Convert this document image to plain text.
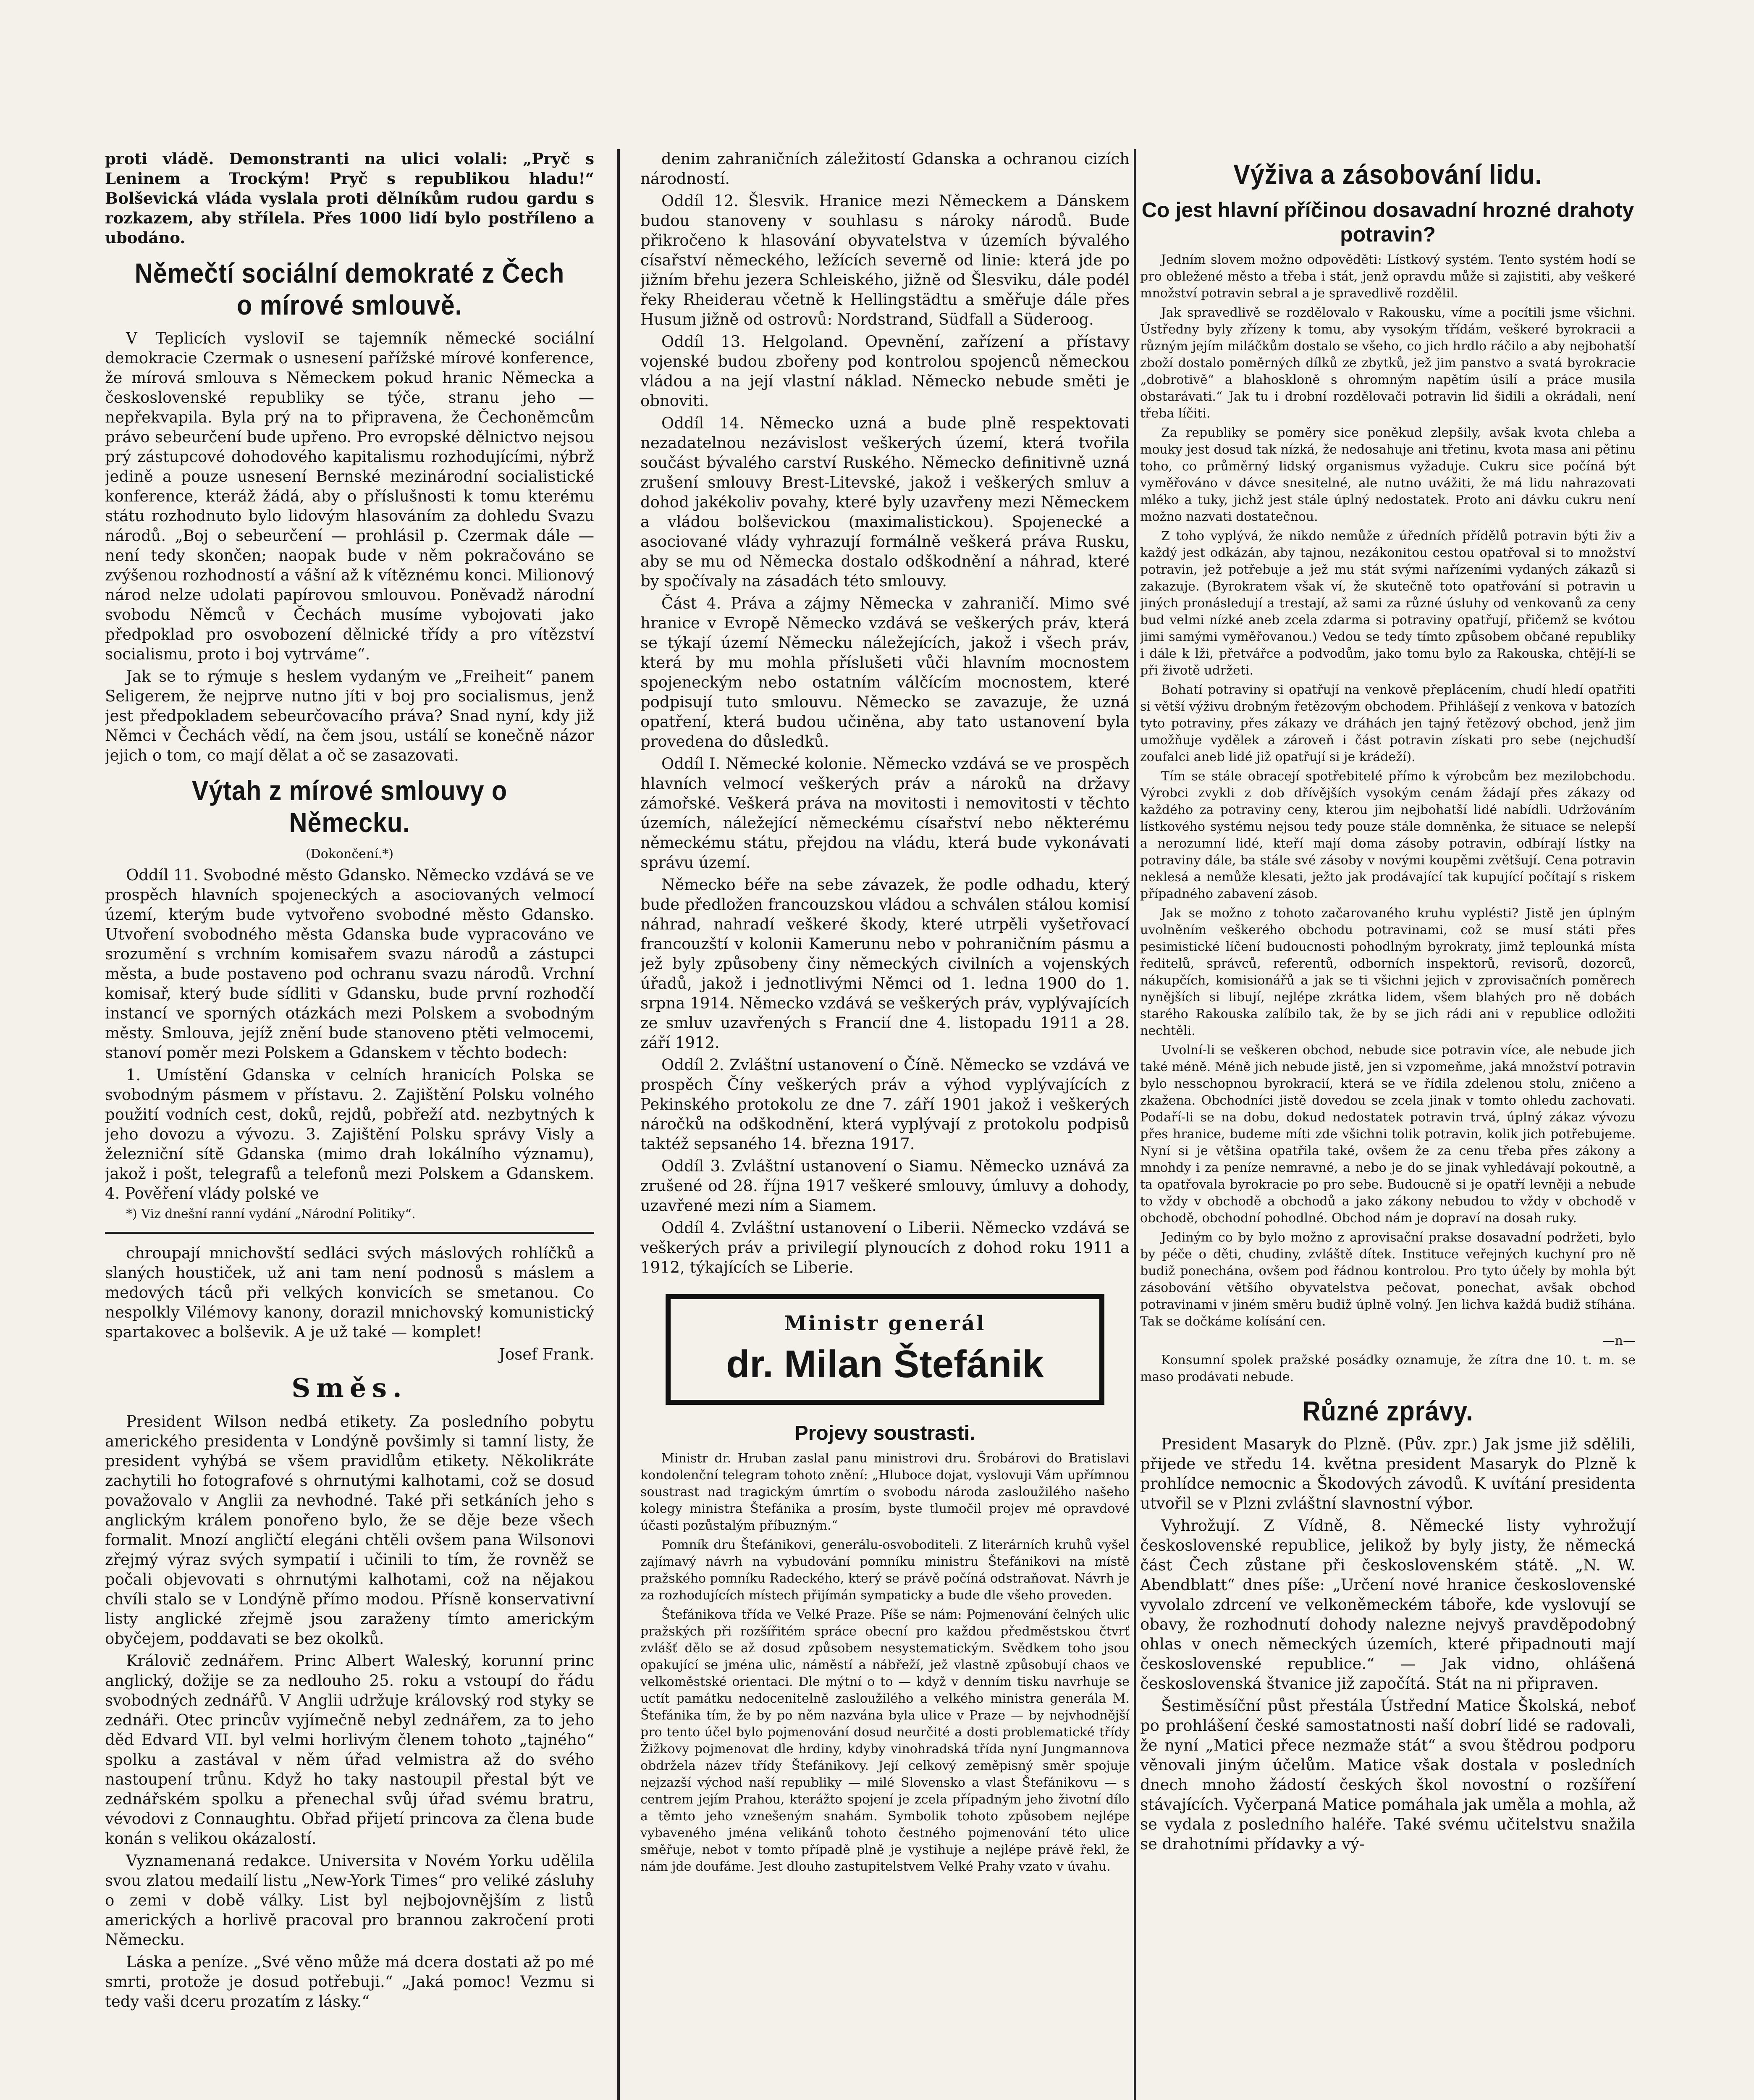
proti vládě. Demonstranti na ulici volali: „Pryč s Leninem a Trockým! Pryč s republikou hladu!“ Bolševická vláda vyslala proti dělníkům rudou gardu s rozkazem, aby střílela. Přes 1000 lidí bylo postříleno a ubodáno.

Němečtí sociální demokraté z Čech o mírové smlouvě.

V Teplicích vysloviI se tajemník německé sociální demokracie Czermak o usnesení pařížské mírové konference, že mírová smlouva s Německem pokud hranic Německa a československé republiky se týče, stranu jeho — nepřekvapila. Byla prý na to připravena, že Čechoněmcům právo sebeurčení bude upřeno. Pro evropské dělnictvo nejsou prý zástupcové dohodového kapitalismu rozhodujícími, nýbrž jedině a pouze usnesení Bernské mezinárodní socialistické konference, kteráž žádá, aby o příslušnosti k tomu kterému státu rozhodnuto bylo lidovým hlasováním za dohledu Svazu národů. „Boj o sebeurčení — prohlásil p. Czermak dále — není tedy skončen; naopak bude v něm pokračováno se zvýšenou rozhodností a vášní až k vítěznému konci. Milionový národ nelze udolati papírovou smlouvou. Poněvadž národní svobodu Němců v Čechách musíme vybojovati jako předpoklad pro osvobození dělnické třídy a pro vítězství socialismu, proto i boj vytrváme“.

Jak se to rýmuje s heslem vydaným ve „Freiheit“ panem Seligerem, že nejprve nutno jíti v boj pro socialismus, jenž jest předpokladem sebeurčovacího práva? Snad nyní, kdy již Němci v Čechách vědí, na čem jsou, ustálí se konečně názor jejich o tom, co mají dělat a oč se zasazovati.

Výtah z mírové smlouvy o Německu.

(Dokončení.*)

Oddíl 11. Svobodné město Gdansko. Německo vzdává se ve prospěch hlavních spojeneckých a asociovaných velmocí území, kterým bude vytvořeno svobodné město Gdansko. Utvoření svobodného města Gdanska bude vypracováno ve srozumění s vrchním komisařem svazu národů a zástupci města, a bude postaveno pod ochranu svazu národů. Vrchní komisař, který bude sídliti v Gdansku, bude první rozhodčí instancí ve sporných otázkách mezi Polskem a svobodným městy. Smlouva, jejíž znění bude stanoveno ptěti velmocemi, stanoví poměr mezi Polskem a Gdanskem v těchto bodech:

1. Umístění Gdanska v celních hranicích Polska se svobodným pásmem v přístavu. 2. Zajištění Polsku volného použití vodních cest, doků, rejdů, pobřeží atd. nezbytných k jeho dovozu a vývozu. 3. Zajištění Polsku správy Visly a železniční sítě Gdanska (mimo drah lokálního významu), jakož i pošt, telegrafů a telefonů mezi Polskem a Gdanskem. 4. Pověření vlády polské ve

*) Viz dnešní ranní vydání „Národní Politiky“.

chroupají mnichovští sedláci svých máslových rohlíčků a slaných houstiček, už ani tam není podnosů s máslem a medových táců při velkých konvicích se smetanou. Co nespolkly Vilémovy kanony, dorazil mnichovský komunistický spartakovec a bolševik. A je už také — komplet!

Josef Frank.

Směs.

President Wilson nedbá etikety. Za posledního pobytu amerického presidenta v Londýně povšimly si tamní listy, že president vyhýbá se všem pravidlům etikety. Několikráte zachytili ho fotografové s ohrnutými kalhotami, což se dosud považovalo v Anglii za nevhodné. Také při setkáních jeho s anglickým králem ponořeno bylo, že se děje beze všech formalit. Mnozí angličtí elegáni chtěli ovšem pana Wilsonovi zřejmý výraz svých sympatií i učinili to tím, že rovněž se počali objevovati s ohrnutými kalhotami, což na nějakou chvíli stalo se v Londýně přímo modou. Přísně konservativní listy anglické zřejmě jsou zaraženy tímto americkým obyčejem, poddavati se bez okolků.

Královič zednářem. Princ Albert Waleský, korunní princ anglický, dožije se za nedlouho 25. roku a vstoupí do řádu svobodných zednářů. V Anglii udržuje královský rod styky se zednáři. Otec princův vyjímečně nebyl zednářem, za to jeho děd Edvard VII. byl velmi horlivým členem tohoto „tajného“ spolku a zastával v něm úřad velmistra až do svého nastoupení trůnu. Když ho taky nastoupil přestal být ve zednářském spolku a přenechal svůj úřad svému bratru, vévodovi z Connaughtu. Obřad přijetí princova za člena bude konán s velikou okázalostí.

Vyznamenaná redakce. Universita v Novém Yorku udělila svou zlatou medailí listu „New-York Times“ pro veliké zásluhy o zemi v době války. List byl nejbojovnějším z listů amerických a horlivě pracoval pro brannou zakročení proti Německu.

Láska a peníze. „Své věno může má dcera dostati až po mé smrti, protože je dosud potřebuji.“ „Jaká pomoc! Vezmu si tedy vaši dceru prozatím z lásky.“

denim zahraničních záležitostí Gdanska a ochranou cizích národností.

Oddíl 12. Šlesvik. Hranice mezi Německem a Dánskem budou stanoveny v souhlasu s nároky národů. Bude přikročeno k hlasování obyvatelstva v územích bývalého císařství německého, ležících severně od linie: která jde po jižním břehu jezera Schleiského, jižně od Šlesviku, dále podél řeky Rheiderau včetně k Hellingstädtu a směřuje dále přes Husum jižně od ostrovů: Nordstrand, Südfall a Süderoog.

Oddíl 13. Helgoland. Opevnění, zařízení a přístavy vojenské budou zbořeny pod kontrolou spojenců německou vládou a na její vlastní náklad. Německo nebude směti je obnoviti.

Oddíl 14. Německo uzná a bude plně respektovati nezadatelnou nezávislost veškerých území, která tvořila součást bývalého carství Ruského. Německo definitivně uzná zrušení smlouvy Brest-Litevské, jakož i veškerých smluv a dohod jakékoliv povahy, které byly uzavřeny mezi Německem a vládou bolševickou (maximalistickou). Spojenecké a asociované vlády vyhrazují formálně veškerá práva Rusku, aby se mu od Německa dostalo odškodnění a náhrad, které by spočívaly na zásadách této smlouvy.

Část 4. Práva a zájmy Německa v zahraničí. Mimo své hranice v Evropě Německo vzdává se veškerých práv, která se týkají území Německu náležejících, jakož i všech práv, která by mu mohla příslušeti vůči hlavním mocnostem spojeneckým nebo ostatním válčícím mocnostem, které podpisují tuto smlouvu. Německo se zavazuje, že uzná opatření, která budou učiněna, aby tato ustanovení byla provedena do důsledků.

Oddíl I. Německé kolonie. Německo vzdává se ve prospěch hlavních velmocí veškerých práv a nároků na državy zámořské. Veškerá práva na movitosti i nemovitosti v těchto územích, náležející německému císařství nebo některému německému státu, přejdou na vládu, která bude vykonávati správu území.

Německo béře na sebe závazek, že podle odhadu, který bude předložen francouzskou vládou a schválen stálou komisí náhrad, nahradí veškeré škody, které utrpěli vyšetřovací francouzští v kolonii Kamerunu nebo v pohraničním pásmu a jež byly způsobeny činy německých civilních a vojenských úřadů, jakož i jednotlivými Němci od 1. ledna 1900 do 1. srpna 1914. Německo vzdává se veškerých práv, vyplývajících ze smluv uzavřených s Francií dne 4. listopadu 1911 a 28. září 1912.

Oddíl 2. Zvláštní ustanovení o Číně. Německo se vzdává ve prospěch Číny veškerých práv a výhod vyplývajících z Pekinského protokolu ze dne 7. září 1901 jakož i veškerých náročků na odškodnění, která vyplývají z protokolu podpisů taktéž sepsaného 14. března 1917.

Oddíl 3. Zvláštní ustanovení o Siamu. Německo uznává za zrušené od 28. října 1917 veškeré smlouvy, úmluvy a dohody, uzavřené mezi ním a Siamem.

Oddíl 4. Zvláštní ustanovení o Liberii. Německo vzdává se veškerých práv a privilegií plynoucích z dohod roku 1911 a 1912, týkajících se Liberie.

Ministr generál
dr. Milan Štefánik
Projevy soustrasti.

Ministr dr. Hruban zaslal panu ministrovi dru. Šrobárovi do Bratislavi kondolenční telegram tohoto znění: „Hluboce dojat, vyslovuji Vám upřímnou soustrast nad tragickým úmrtím o svobodu národa zasloužilého našeho kolegy ministra Štefánika a prosím, byste tlumočil projev mé opravdové účasti pozůstalým příbuzným.“

Pomník dru Štefánikovi, generálu-osvoboditeli. Z literárních kruhů vyšel zajímavý návrh na vybudování pomníku ministru Štefánikovi na místě pražského pomníku Radeckého, který se právě počíná odstraňovat. Návrh je za rozhodujících místech přijímán sympaticky a bude dle všeho proveden.

Štefánikova třída ve Velké Praze. Píše se nám: Pojmenování čelných ulic pražských při rozšířitém spráce obecní pro každou předměstskou čtvrť zvlášť dělo se až dosud způsobem nesystematickým. Svědkem toho jsou opakující se jména ulic, náměstí a nábřeží, jež vlastně způsobují chaos ve velkoměstské orientaci. Dle mýtní o to — když v denním tisku navrhuje se uctít památku nedocenitelně zasloužilého a velkého ministra generála M. Štefánika tím, že by po něm nazvána byla ulice v Praze — by nejvhodnější pro tento účel bylo pojmenování dosud neurčité a dosti problematické třídy Žižkovy pojmenovat dle hrdiny, kdyby vinohradská třída nyní Jungmannova obdržela název třídy Štefánikovy. Její celkový zeměpisný směr spojuje nejzazší východ naší republiky — milé Slovensko a vlast Štefánikovu — s centrem jejím Prahou, kterážto spojení je zcela případným jeho životní dílo a těmto jeho vznešeným snahám. Symbolik tohoto způsobem nejlépe vybaveného jména velikánů tohoto čestného pojmenování této ulice směřuje, nebot v tomto případě plně je vystihuje a nejlépe právě řekl, že nám jde doufáme. Jest dlouho zastupitelstvem Velké Prahy vzato v úvahu.

Výživa a zásobování lidu.
Co jest hlavní příčinou dosavadní hrozné drahoty potravin?

Jedním slovem možno odpověděti: Lístkový systém. Tento systém hodí se pro obležené město a třeba i stát, jenž opravdu může si zajistiti, aby veškeré množství potravin sebral a je spravedlivě rozdělil.

Jak spravedlivě se rozdělovalo v Rakousku, víme a pocítili jsme všichni. Ústředny byly zřízeny k tomu, aby vysokým třídám, veškeré byrokracii a různým jejím miláčkům dostalo se všeho, co jich hrdlo ráčilo a aby nejbohatší zboží dostalo poměrných dílků ze zbytků, jež jim panstvo a svatá byrokracie „dobrotivě“ a blahoskloně s ohromným napětím úsilí a práce musila obstarávati.“ Jak tu i drobní rozdělovači potravin lid šidili a okrádali, není třeba líčiti.

Za republiky se poměry sice poněkud zlepšily, avšak kvota chleba a mouky jest dosud tak nízká, že nedosahuje ani třetinu, kvota masa ani pětinu toho, co průměrný lidský organismus vyžaduje. Cukru sice počíná být vyměřováno v dávce snesitelné, ale nutno uvážiti, že má lidu nahrazovati mléko a tuky, jichž jest stále úplný nedostatek. Proto ani dávku cukru není možno nazvati dostatečnou.

Z toho vyplývá, že nikdo nemůže z úředních přídělů potravin býti živ a každý jest odkázán, aby tajnou, nezákonitou cestou opatřoval si to množství potravin, jež potřebuje a jež mu stát svými nařízeními vydaných zákazů si zakazuje. (Byrokratem však ví, že skutečně toto opatřování si potravin u jiných pronásledují a trestají, až sami za různé úsluhy od venkovanů za ceny bud velmi nízké aneb zcela zdarma si potraviny opatřují, přičemž se kvótou jimi samými vyměřovanou.) Vedou se tedy tímto způsobem občané republiky i dále k lži, přetvářce a podvodům, jako tomu bylo za Rakouska, chtějí-li se při životě udržeti.

Bohatí potraviny si opatřují na venkově přeplácením, chudí hledí opatřiti si větší výživu drobným řetězovým obchodem. Přihlášejí z venkova v batozích tyto potraviny, přes zákazy ve dráhách jen tajný řetězový obchod, jenž jim umožňuje vydělek a zároveň i část potravin získati pro sebe (nejchudší zoufalci aneb lidé již opatřují si je krádeží).

Tím se stále obracejí spotřebitelé přímo k výrobcům bez mezilobchodu. Výrobci zvykli z dob dřívějších vysokým cenám žádají přes zákazy od každého za potraviny ceny, kterou jim nejbohatší lidé nabídli. Udržováním lístkového systému nejsou tedy pouze stále domněnka, že situace se nelepší a nerozumní lidé, kteří mají doma zásoby potravin, odbírají lístky na potraviny dále, ba stále své zásoby v novými koupěmi zvětšují. Cena potravin neklesá a nemůže klesati, ježto jak prodávající tak kupující počítají s riskem případného zabavení zásob.

Jak se možno z tohoto začarovaného kruhu vyplésti? Jistě jen úplným uvolněním veškerého obchodu potravinami, což se musí státi přes pesimistické líčení budoucnosti pohodlným byrokraty, jimž teplounká místa ředitelů, správců, referentů, odborních inspektorů, revisorů, dozorců, nákupčích, komisionářů a jak se ti všichni jejich v zprovisačních poměrech nynějších si libují, nejlépe zkrátka lidem, všem blahých pro ně dobách starého Rakouska zalíbilo tak, že by se jich rádi ani v republice odložiti nechtěli.

Uvolní-li se veškeren obchod, nebude sice potravin více, ale nebude jich také méně. Méně jich nebude jistě, jen si vzpomeňme, jaká množství potravin bylo nesschopnou byrokracií, která se ve řídila zdelenou stolu, zničeno a zkažena. Obchodníci jistě dovedou se zcela jinak v tomto ohledu zachovati. Podaří-li se na dobu, dokud nedostatek potravin trvá, úplný zákaz vývozu přes hranice, budeme míti zde všichni tolik potravin, kolik jich potřebujeme. Nyní si je většina opatřila také, ovšem že za cenu třeba přes zákony a mnohdy i za peníze nemravné, a nebo je do se jinak vyhledávají pokoutně, a ta opatřovala byrokracie po pro sebe. Budoucně si je opatří levněji a nebude to vždy v obchodě a obchodů a jako zákony nebudou to vždy v obchodě v obchodě, obchodní pohodlné. Obchod nám je dopraví na dosah ruky.

Jediným co by bylo možno z aprovisační prakse dosavadní podržeti, bylo by péče o děti, chudiny, zvláště dítek. Instituce veřejných kuchyní pro ně budiž ponechána, ovšem pod řádnou kontrolou. Pro tyto účely by mohla být zásobování většího obyvatelstva pečovat, ponechat, avšak obchod potravinami v jiném směru budiž úplně volný. Jen lichva každá budiž stíhána. Tak se dočkáme kolísání cen.

—n—

Konsumní spolek pražské posádky oznamuje, že zítra dne 10. t. m. se maso prodávati nebude.

Různé zprávy.

President Masaryk do Plzně. (Pův. zpr.) Jak jsme již sdělili, přijede ve středu 14. května president Masaryk do Plzně k prohlídce nemocnic a Škodových závodů. K uvítání presidenta utvořil se v Plzni zvláštní slavnostní výbor.

Vyhrožují. Z Vídně, 8. Německé listy vyhrožují československé republice, jelikož by byly jisty, že německá část Čech zůstane při československém státě. „N. W. Abendblatt“ dnes píše: „Určení nové hranice československé vyvolalo zdrcení ve velkoněmeckém táboře, kde vyslovují se obavy, že rozhodnutí dohody nalezne nejvyš pravděpodobný ohlas v onech německých územích, které připadnouti mají československé republice.“ — Jak vidno, ohlášená československá štvanice již započítá. Stát na ni připraven.

Šestiměsíční půst přestála Ústřední Matice Školská, neboť po prohlášení české samostatnosti naší dobrí lidé se radovali, že nyní „Matici přece nezmaže stát“ a svou štědrou podporu věnovali jiným účelům. Matice však dostala v posledních dnech mnoho žádostí českých škol novostní o rozšíření stávajících. Vyčerpaná Matice pomáhala jak uměla a mohla, až se vydala z posledního haléře. Také svému učitelstvu snažila se drahotními přídavky a vý-
